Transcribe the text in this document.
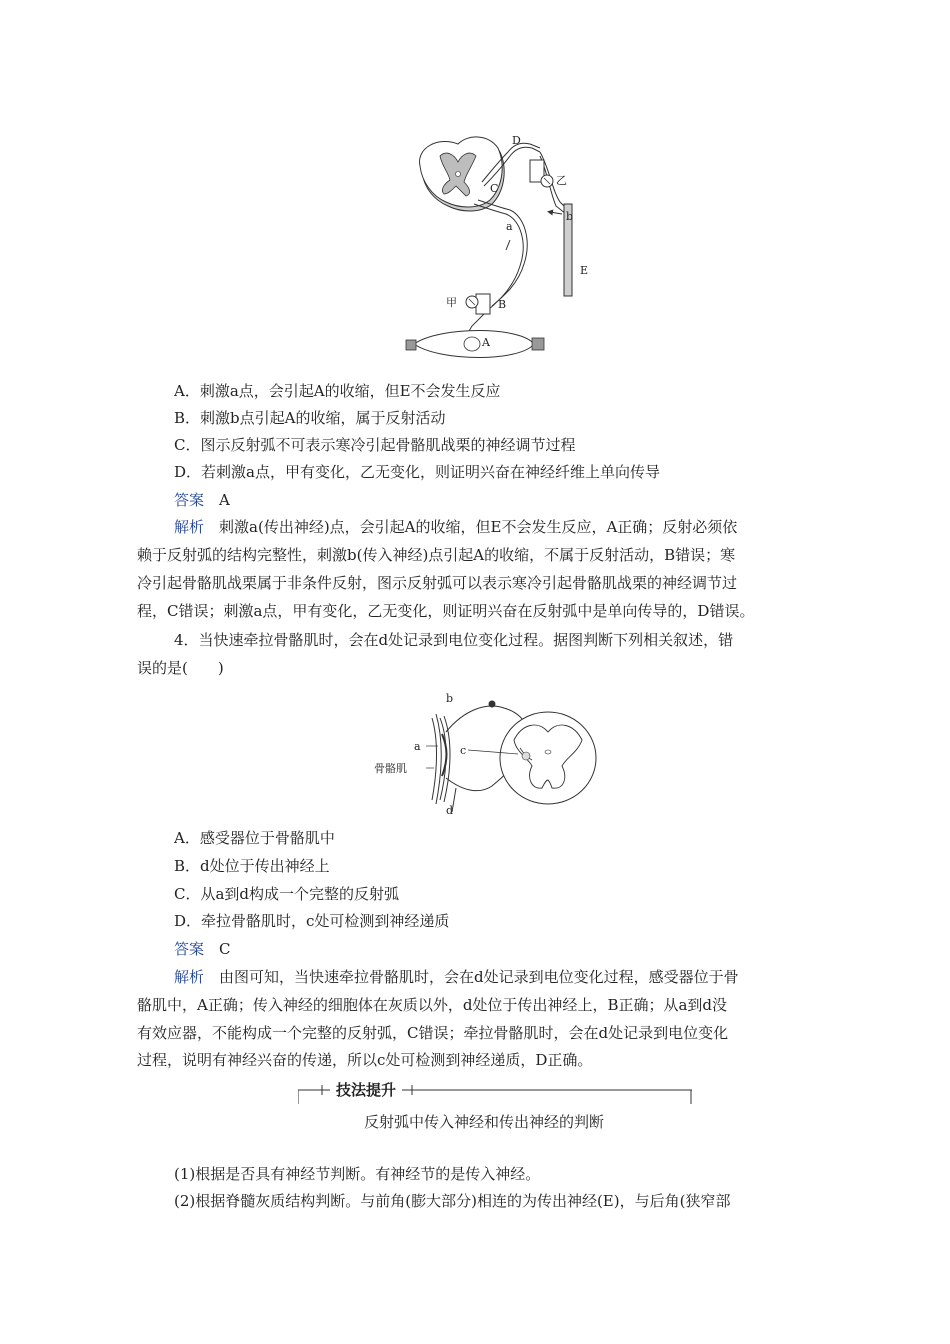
D
乙
C
b
E
a
甲	B
A
A．刺激a点，会引起A的收缩，但E不会发生反应
B．刺激b点引起A的收缩，属于反射活动
C．图示反射弧不可表示寒冷引起骨骼肌战栗的神经调节过程
D．若刺激a点，甲有变化，乙无变化，则证明兴奋在神经纤维上单向传导
答案　 A
解析　 刺激a(传出神经)点，会引起A的收缩，但E不会发生反应，A正确；反射必须依
赖于反射弧的结构完整性，刺激b(传入神经)点引起A的收缩，不属于反射活动，B错误；寒
冷引起骨骼肌战栗属于非条件反射，图示反射弧可以表示寒冷引起骨骼肌战栗的神经调节过
程，C错误；刺激a点，甲有变化，乙无变化，则证明兴奋在反射弧中是单向传导的，D错误。
4．当快速牵拉骨骼肌时，会在d处记录到电位变化过程。据图判断下列相关叙述，错
误的是(　　)
b
a	c
骨骼肌
d
A．感受器位于骨骼肌中
B．d处位于传出神经上
C．从a到d构成一个完整的反射弧
D．牵拉骨骼肌时，c处可检测到神经递质
答案　 C
解析　 由图可知，当快速牵拉骨骼肌时，会在d处记录到电位变化过程，感受器位于骨
骼肌中，A正确；传入神经的细胞体在灰质以外，d处位于传出神经上，B正确；从a到d没
有效应器，不能构成一个完整的反射弧，C错误；牵拉骨骼肌时，会在d处记录到电位变化
过程，说明有神经兴奋的传递，所以c处可检测到神经递质，D正确。
技法提升
反射弧中传入神经和传出神经的判断
(1)根据是否具有神经节判断。有神经节的是传入神经。
(2)根据脊髓灰质结构判断。与前角(膨大部分)相连的为传出神经(E)，与后角(狭窄部
